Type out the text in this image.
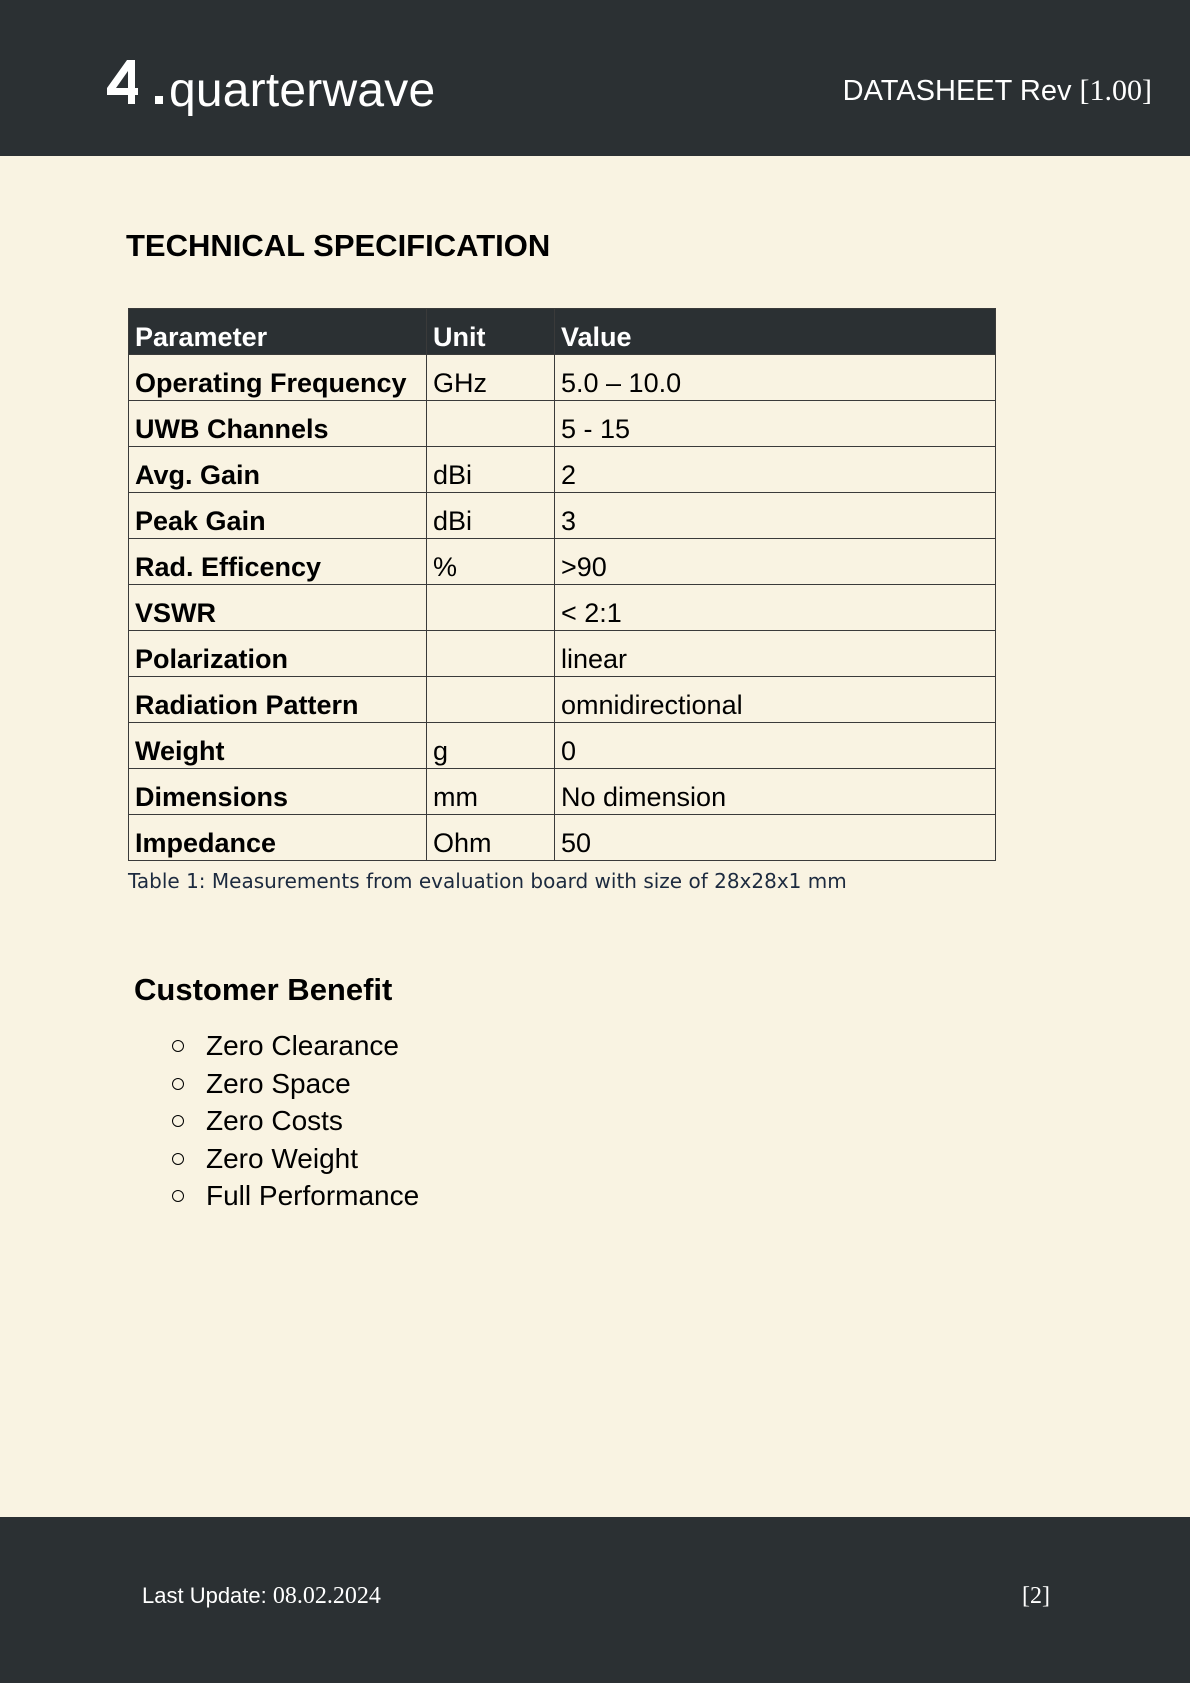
quarterwave	DATASHEET Rev [1.00]
TECHNICAL SPECIFICATION
Parameter	Unit	Value
Operating Frequency	GHz	5.0 – 10.0
UWB Channels		5 - 15
Avg. Gain	dBi	2
Peak Gain	dBi	3
Rad. Efficency	%	>90
VSWR		< 2:1
Polarization		linear
Radiation Pattern		omnidirectional
Weight	g	0
Dimensions	mm	No dimension
Impedance	Ohm	50
Table 1: Measurements from evaluation board with size of 28x28x1 mm
Customer Benefit
Zero Clearance
Zero Space
Zero Costs
Zero Weight
Full Performance
Last Update: 08.02.2024	[2]
